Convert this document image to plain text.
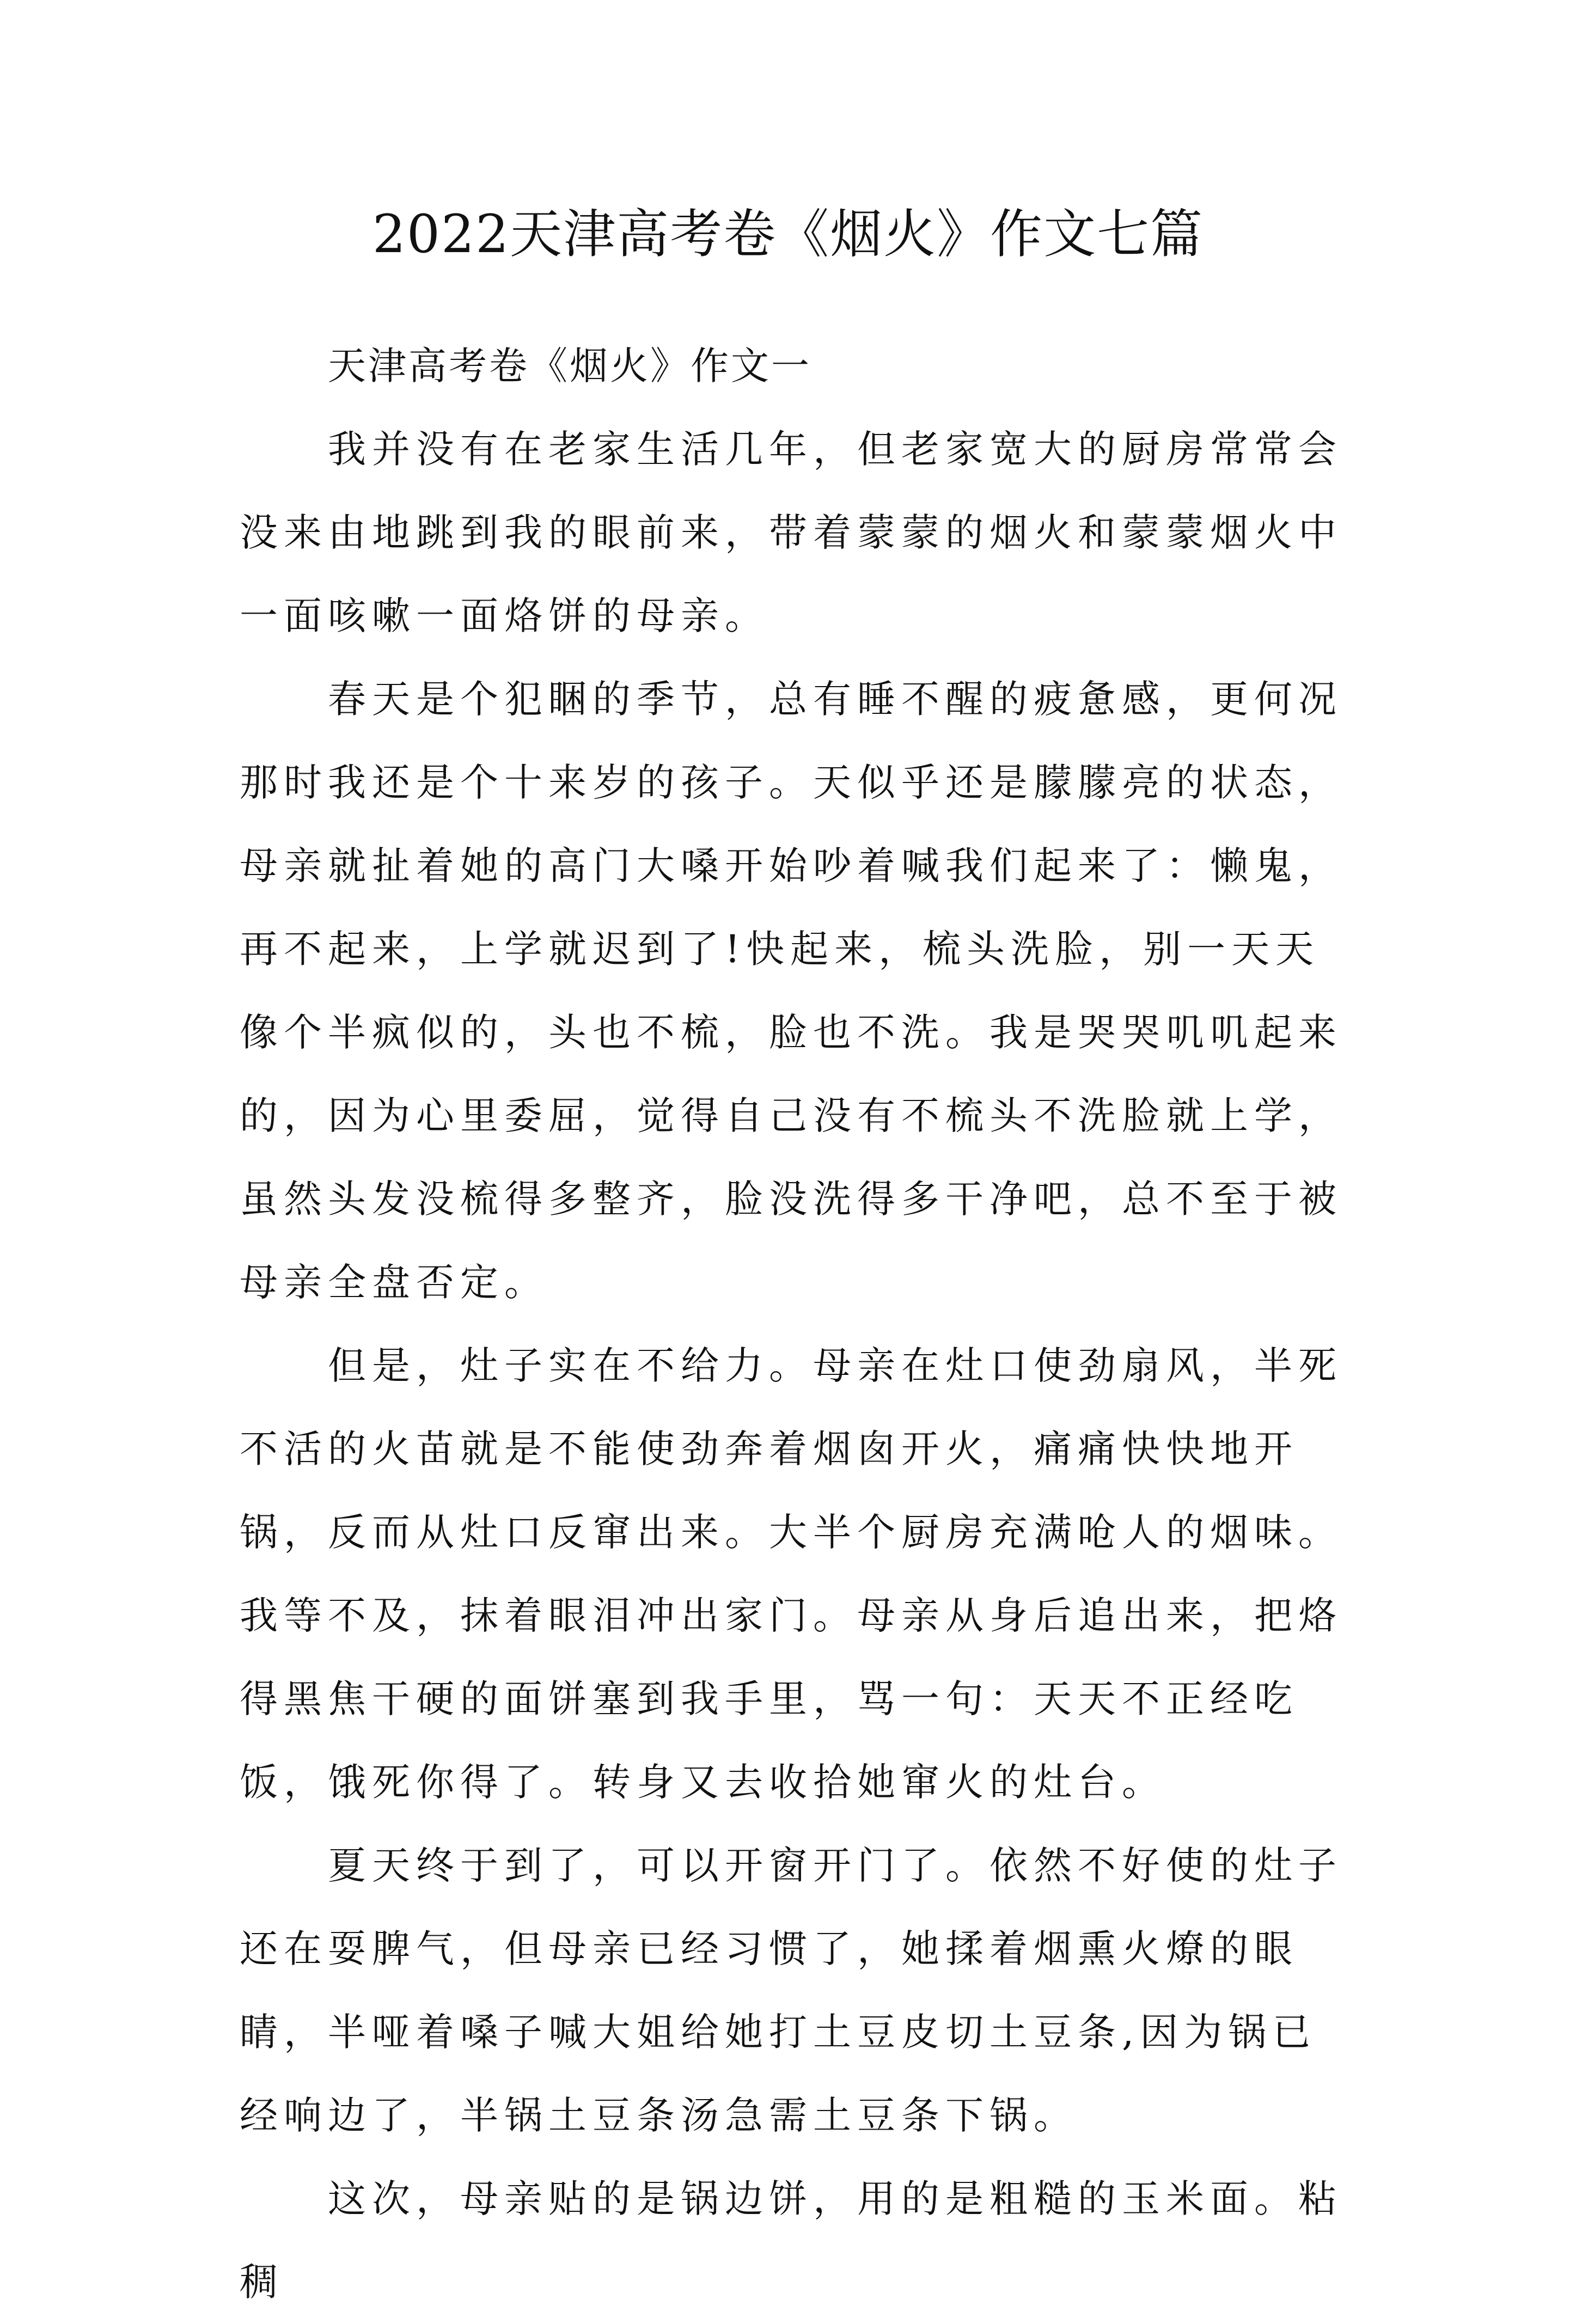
2022天津高考卷《烟火》作文七篇

天津高考卷《烟火》作文一

我并没有在老家生活几年，但老家宽大的厨房常常会没来由地跳到我的眼前来，带着蒙蒙的烟火和蒙蒙烟火中一面咳嗽一面烙饼的母亲。

春天是个犯睏的季节，总有睡不醒的疲惫感，更何况那时我还是个十来岁的孩子。天似乎还是朦朦亮的状态，母亲就扯着她的高门大嗓开始吵着喊我们起来了：懒鬼，再不起来，上学就迟到了!快起来，梳头洗脸，别一天天像个半疯似的，头也不梳，脸也不洗。我是哭哭叽叽起来的，因为心里委屈，觉得自己没有不梳头不洗脸就上学，虽然头发没梳得多整齐，脸没洗得多干净吧，总不至于被母亲全盘否定。

但是，灶子实在不给力。母亲在灶口使劲扇风，半死不活的火苗就是不能使劲奔着烟囱开火，痛痛快快地开锅，反而从灶口反窜出来。大半个厨房充满呛人的烟味。我等不及，抹着眼泪冲出家门。母亲从身后追出来，把烙得黑焦干硬的面饼塞到我手里，骂一句：天天不正经吃饭，饿死你得了。转身又去收拾她窜火的灶台。

夏天终于到了，可以开窗开门了。依然不好使的灶子还在耍脾气，但母亲已经习惯了，她揉着烟熏火燎的眼睛，半哑着嗓子喊大姐给她打土豆皮切土豆条,因为锅已经响边了，半锅土豆条汤急需土豆条下锅。

这次，母亲贴的是锅边饼，用的是粗糙的玉米面。粘稠
